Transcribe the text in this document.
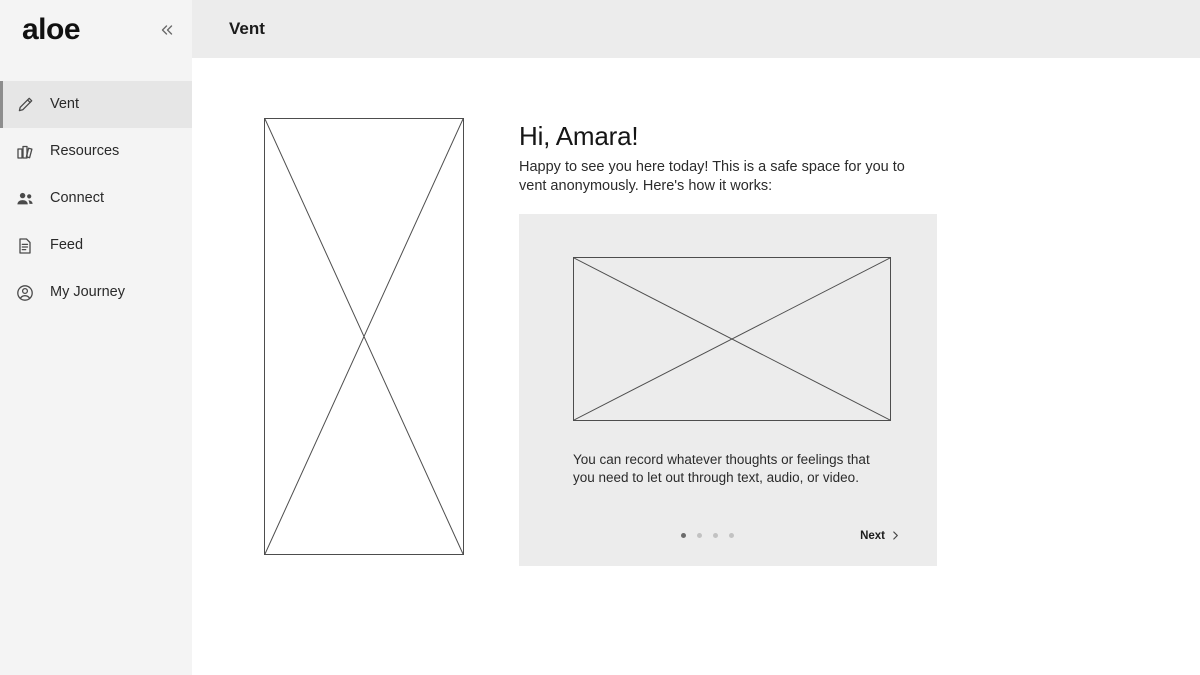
aloe
Vent
Resources
Connect
Feed
My Journey
Vent
Hi, Amara!

Happy to see you here today! This is a safe space for you to vent anonymously. Here's how it works:

You can record whatever thoughts or feelings that you need to let out through text, audio, or video.

Next
